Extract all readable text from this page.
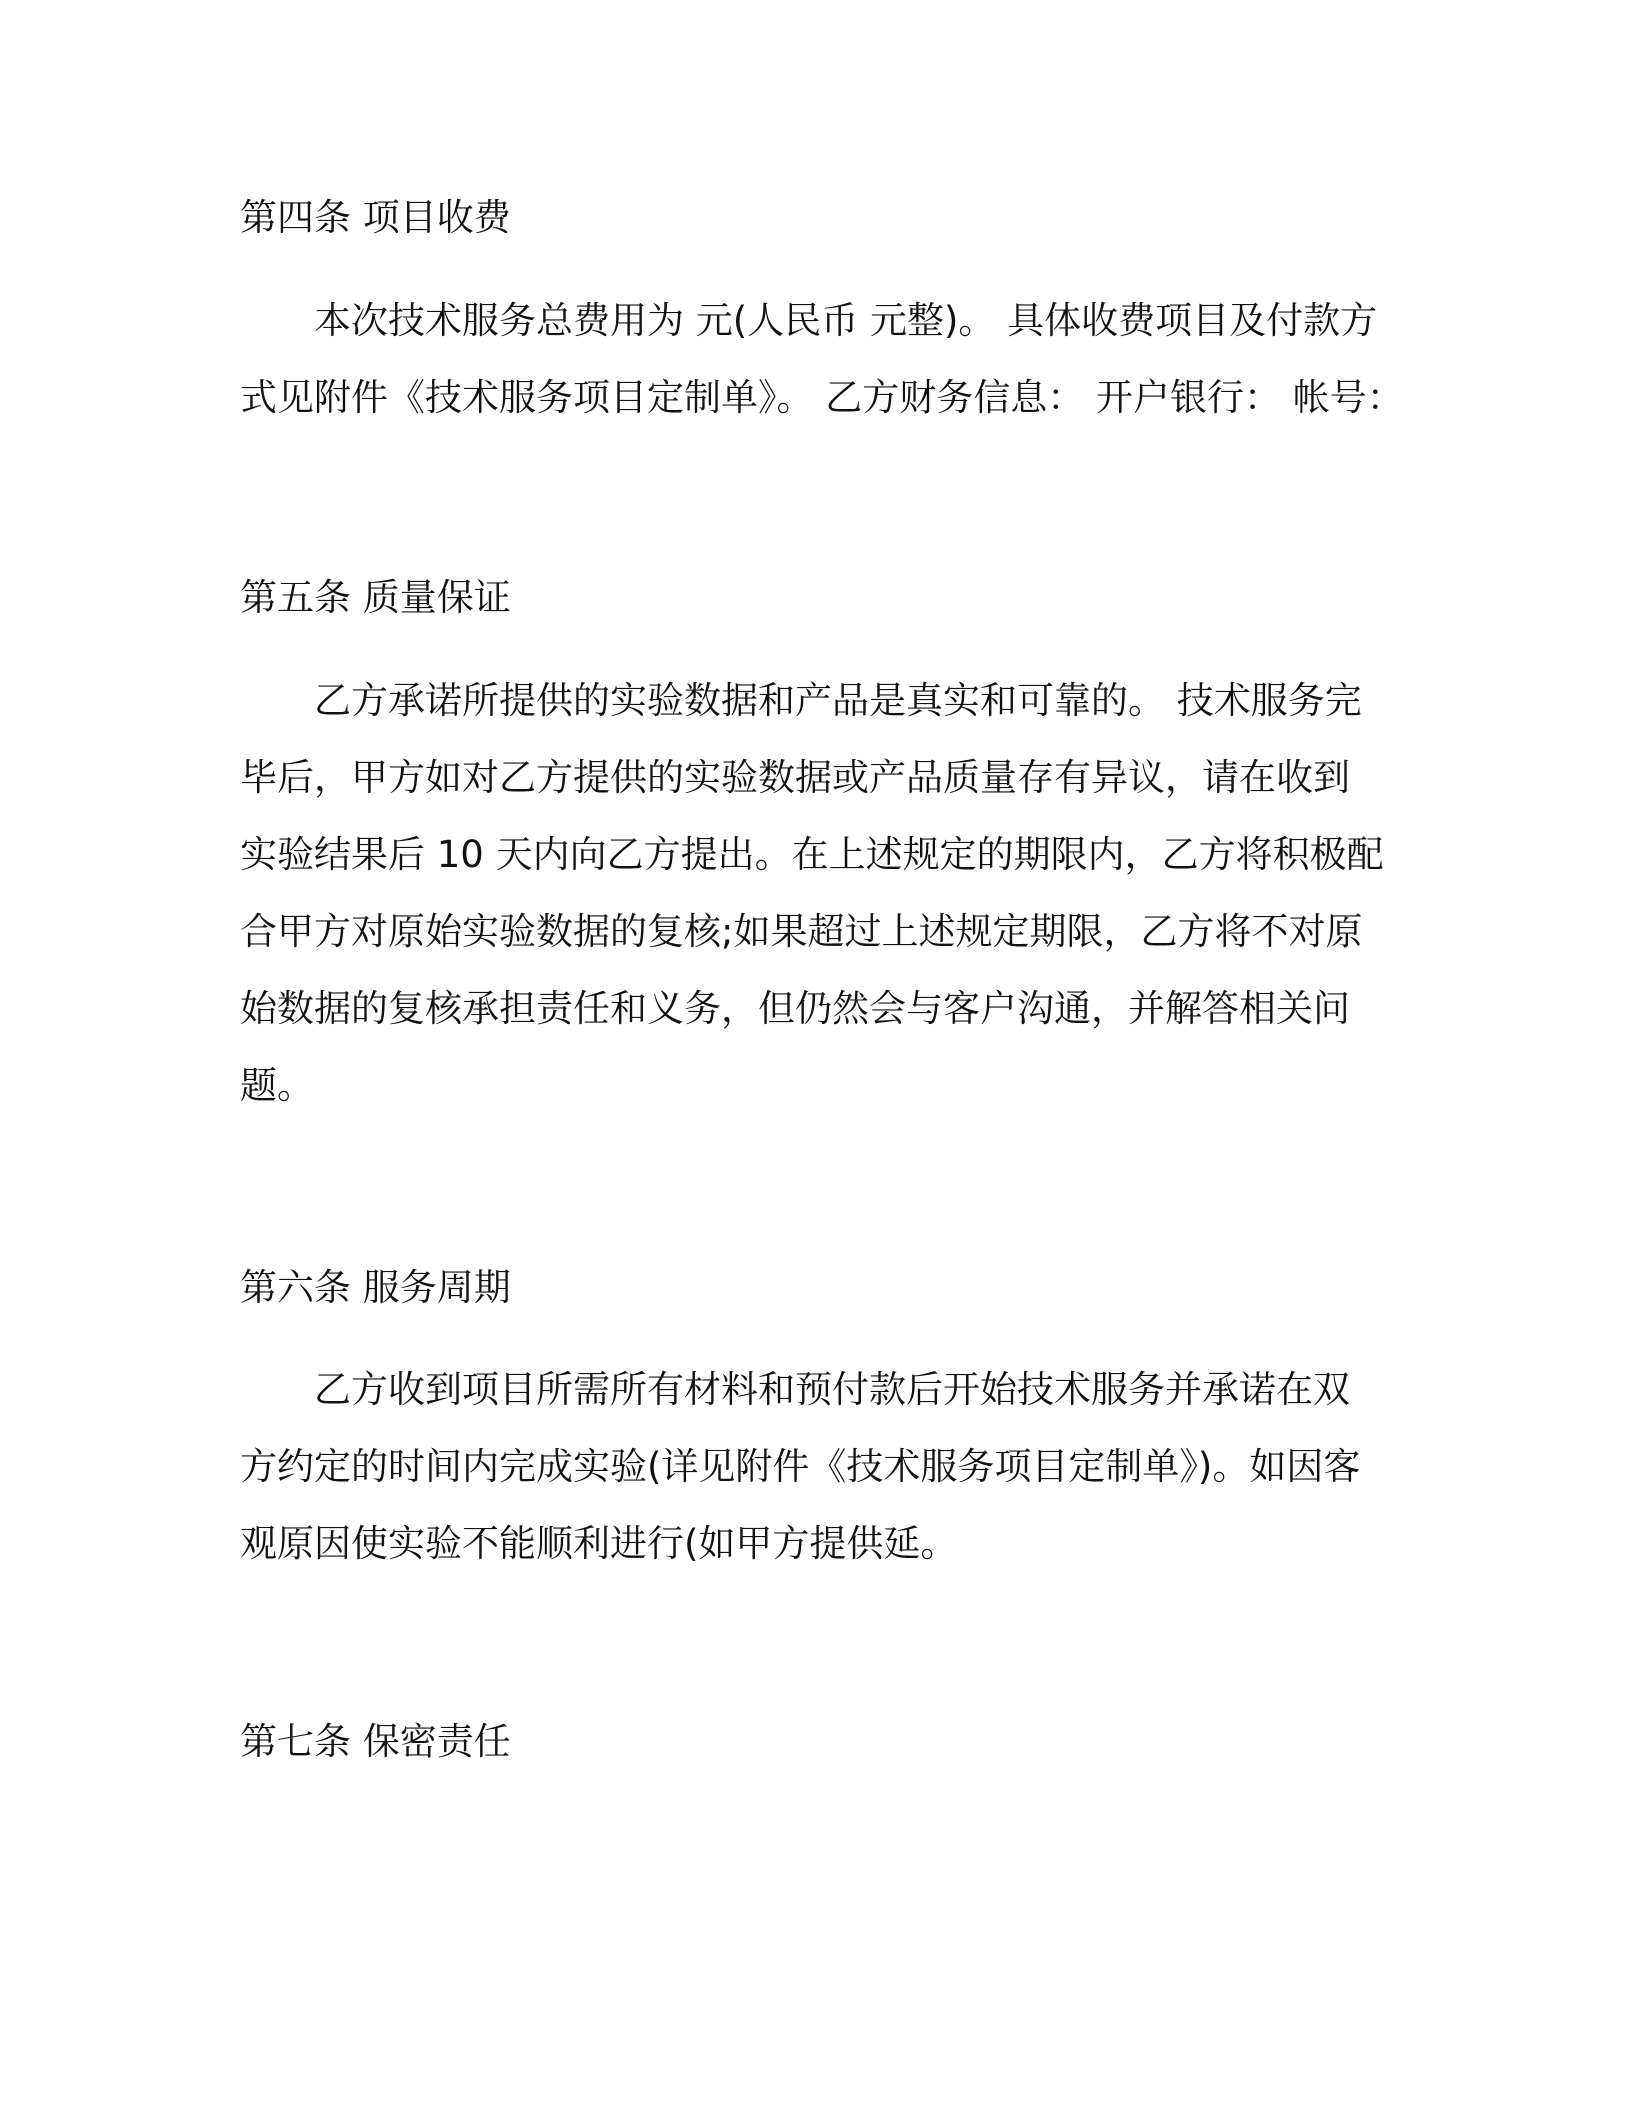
第四条 项目收费
本次技术服务总费用为 元(人民币 元整)。 具体收费项目及付款方
式见附件《技术服务项目定制单》。 乙方财务信息： 开户银行： 帐号：
第五条 质量保证
乙方承诺所提供的实验数据和产品是真实和可靠的。 技术服务完
毕后，甲方如对乙方提供的实验数据或产品质量存有异议，请在收到
实验结果后 10 天内向乙方提出。在上述规定的期限内，乙方将积极配
合甲方对原始实验数据的复核;如果超过上述规定期限，乙方将不对原
始数据的复核承担责任和义务，但仍然会与客户沟通，并解答相关问
题。
第六条 服务周期
乙方收到项目所需所有材料和预付款后开始技术服务并承诺在双
方约定的时间内完成实验(详见附件《技术服务项目定制单》)。如因客
观原因使实验不能顺利进行(如甲方提供延。
第七条 保密责任
